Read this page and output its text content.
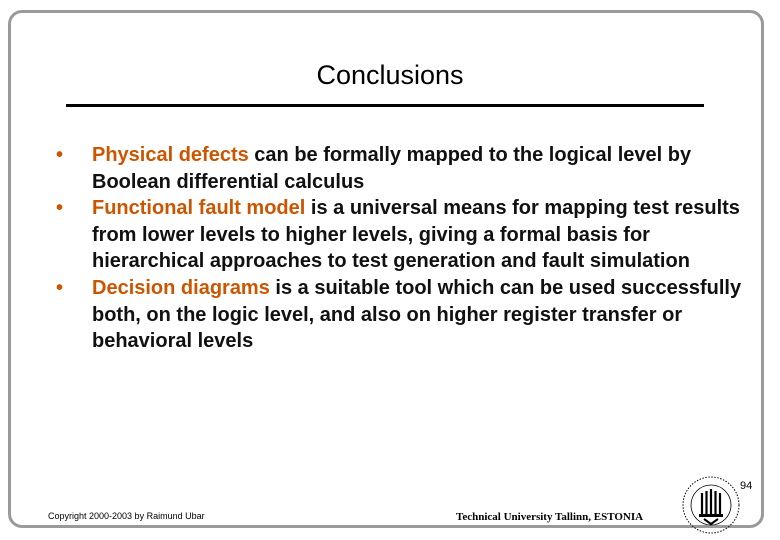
Conclusions
• Physical defects can be formally mapped to the logical level by Boolean differential calculus
• Functional fault model is a universal means for mapping test results from lower levels to higher levels, giving a formal basis for hierarchical approaches to test generation and fault simulation
• Decision diagrams is a suitable tool which can be used successfully both, on the logic level, and also on higher register transfer or behavioral levels
94
Copyright 2000-2003 by Raimund Ubar	Technical University Tallinn, ESTONIA
